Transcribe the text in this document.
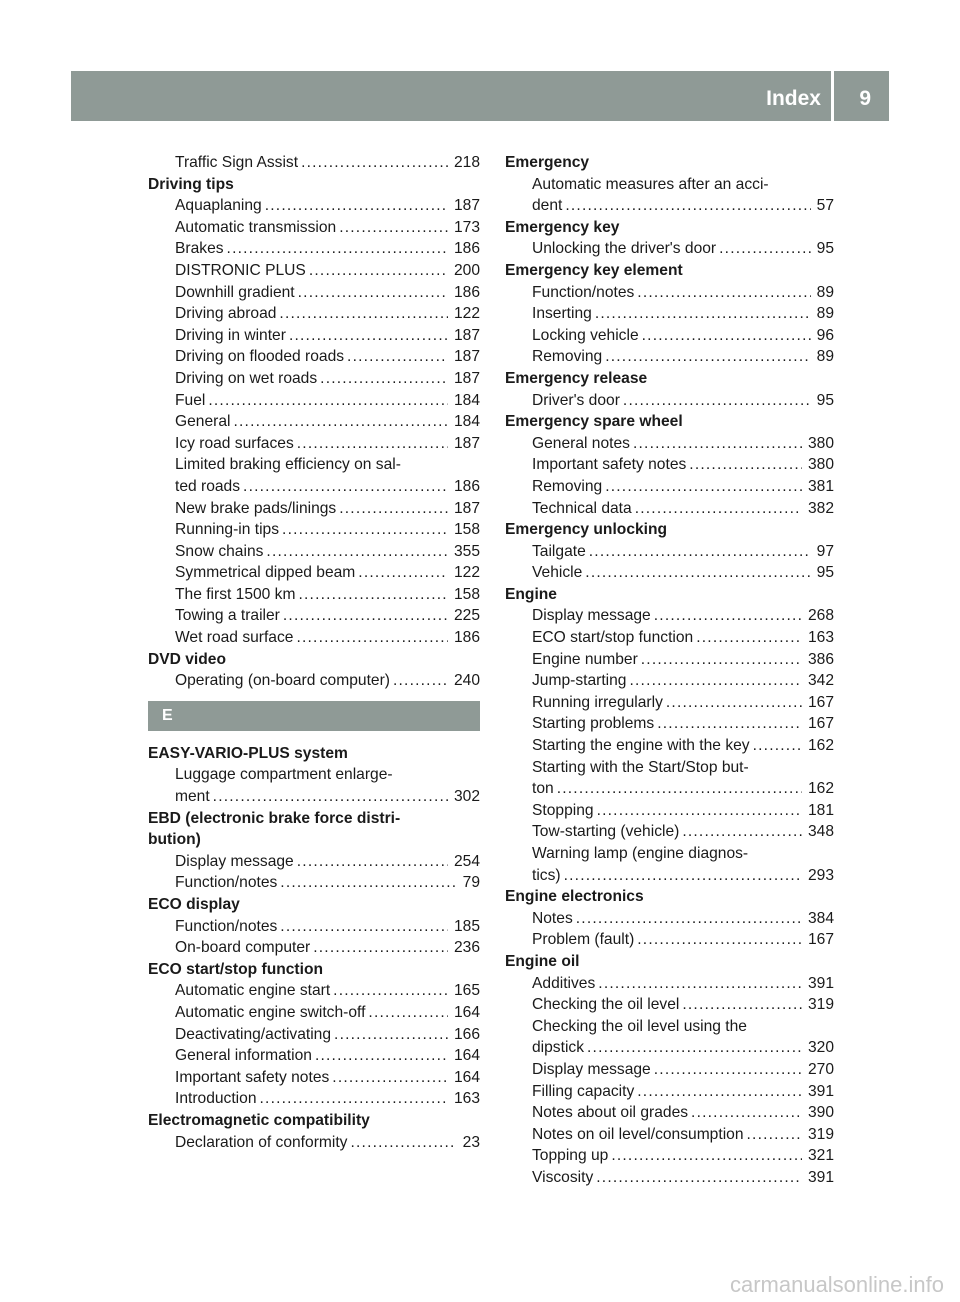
Index 9
Traffic Sign Assist .....	218
Driving tips
Aquaplaning .....	187
Automatic transmission .....	173
Brakes .....	186
DISTRONIC PLUS .....	200
Downhill gradient .....	186
Driving abroad .....	122
Driving in winter .....	187
Driving on flooded roads .....	187
Driving on wet roads .....	187
Fuel .....	184
General .....	184
Icy road surfaces .....	187
Limited braking efficiency on sal-
ted roads .....	186
New brake pads/linings .....	187
Running-in tips .....	158
Snow chains .....	355
Symmetrical dipped beam .....	122
The first 1500 km .....	158
Towing a trailer .....	225
Wet road surface .....	186
DVD video
Operating (on-board computer) .....	240
E
EASY-VARIO-PLUS system
Luggage compartment enlarge-
ment .....	302
EBD (electronic brake force distri-
bution)
Display message .....	254
Function/notes .....	79
ECO display
Function/notes .....	185
On-board computer .....	236
ECO start/stop function
Automatic engine start .....	165
Automatic engine switch-off .....	164
Deactivating/activating .....	166
General information .....	164
Important safety notes .....	164
Introduction .....	163
Electromagnetic compatibility
Declaration of conformity .....	23
Emergency
Automatic measures after an acci-
dent .....	57
Emergency key
Unlocking the driver's door .....	95
Emergency key element
Function/notes .....	89
Inserting .....	89
Locking vehicle .....	96
Removing .....	89
Emergency release
Driver's door .....	95
Emergency spare wheel
General notes .....	380
Important safety notes .....	380
Removing .....	381
Technical data .....	382
Emergency unlocking
Tailgate .....	97
Vehicle .....	95
Engine
Display message .....	268
ECO start/stop function .....	163
Engine number .....	386
Jump-starting .....	342
Running irregularly .....	167
Starting problems .....	167
Starting the engine with the key .....	162
Starting with the Start/Stop but-
ton .....	162
Stopping .....	181
Tow-starting (vehicle) .....	348
Warning lamp (engine diagnos-
tics) .....	293
Engine electronics
Notes .....	384
Problem (fault) .....	167
Engine oil
Additives .....	391
Checking the oil level .....	319
Checking the oil level using the
dipstick .....	320
Display message .....	270
Filling capacity .....	391
Notes about oil grades .....	390
Notes on oil level/consumption .....	319
Topping up .....	321
Viscosity .....	391
carmanualsonline.info
